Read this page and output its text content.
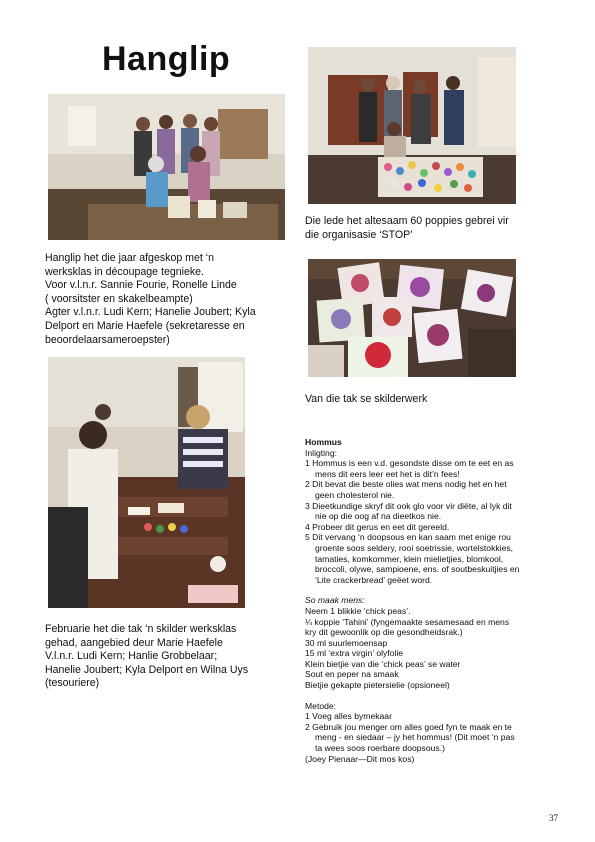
Hanglip
Hanglip het die jaar afgeskop met ‘n
werksklas in découpage tegnieke.
Voor v.l.n.r. Sannie Fourie, Ronelle Linde
( voorsitster en skakelbeampte)
Agter v.l.n.r. Ludi Kern; Hanelie Joubert; Kyla
Delport en Marie Haefele (sekretaresse en
beoordelaarsameroepster)
Die lede het altesaam 60 poppies gebrei vir
die organisasie ‘STOP’
Van die tak se skilderwerk
Februarie het die tak ‘n skilder werksklas
gehad, aangebied deur Marie Haefele
V.l.n.r. Ludi Kern; Hanlie Grobbelaar;
Hanelie Joubert; Kyla Delport en Wilna Uys
(tesouriere)
Hommus
Inligting:
1 Hommus is een v.d. gesondste disse om te eet en as
mens dit eers leer eet het is dit’n fees!
2 Dit bevat die beste olies wat mens nodig het en het
geen cholesterol nie.
3 Dieetkundige skryf dit ook glo voor vir diëte, al lyk dit
nie op die oog af na dieetkos nie.
4 Probeer dit gerus en eet dit gereeld.
5 Dit vervang ‘n doopsous en kan saam met enige rou
groente soos seldery, rooi soetrissie, wortelstokkies,
tamaties, komkommer, klein mielietjies, blomkool,
broccoli, olywe, sampioene, ens. of soutbeskuitjies en
‘Lite crackerbread’ geëet word.
So maak mens:
Neem 1 blikkie ‘chick peas’.
¼ koppie ‘Tahini’ (fyngemaakte sesamesaad en mens
kry dit gewoonlik op die gesondheidsrak.)
30 ml suurlemoensap
15 ml ‘extra virgin’ olyfolie
Klein bietjie van die ‘chick peas’ se water
Sout en peper na smaak
Bietjie gekapte pietersielie (opsioneel)
Metode:
1 Voeg alles bymekaar
2 Gebruik jou menger om alles goed fyn te maak en te
meng - en siedaar – jy het hommus! (Dit moet ‘n pas
ta wees soos roerbare doopsous.)
(Joey Pienaar—Dit mos kos)
37
